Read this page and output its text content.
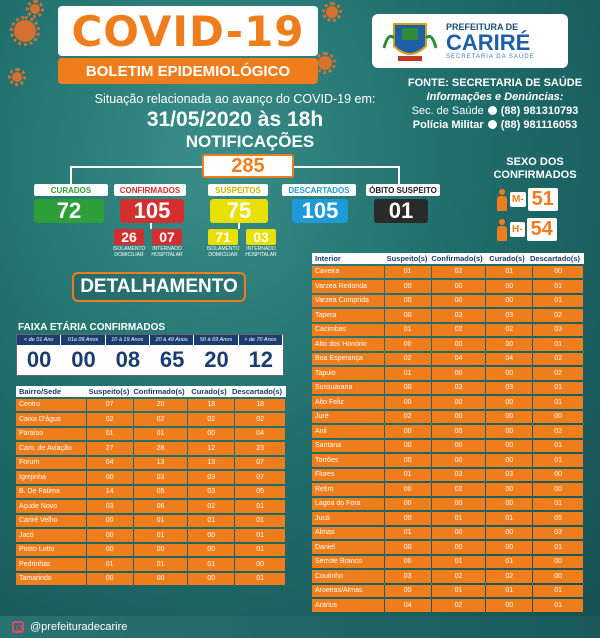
COVID-19
BOLETIM EPIDEMIOLÓGICO
PREFEITURA DE
CARIRÉ
SECRETARIA DA SAÚDE
FONTE: SECRETARIA DE SAÚDE
Informações e Denúncias:
Sec. de Saúde (88) 981310793
Polícia Militar (88) 981116053
Situação relacionada ao avanço do COVID-19 em:
31/05/2020 às 18h
NOTIFICAÇÕES
285
CURADOS
72
CONFIRMADOS
105
SUSPEITOS
75
DESCARTADOS
105
ÓBITO SUSPEITO
01
26
ISOLAMENTO DOMICILIAR
07
INTERNADO HOSPITALAR
71
ISOLAMENTO DOMICILIAR
03
INTERNADO HOSPITALAR
SEXO DOS CONFIRMADOS
M- 51
H- 54
DETALHAMENTO
FAIXA ETÁRIA CONFIRMADOS
< de 01 Ano	01a 09 Anos	10 à 19 Anos	20 à 49 Anos	50 à 69 Anos	> de 70 Anos
00 00 08 65 20 12
Bairro/Sede	Suspeito(s) Confirmado(s) Curado(s) Descartado(s)
Centro	07	20	18	18
Caixa D'água	02	02	02	02
Paraíso	01	01	00	04
Cam. de Aviação	27	28	12	23
Forum	04	13	13	07
Igrejinha	00	03	03	07
B. De Fatima	14	05	03	05
Açude Novo	03	06	02	01
Cariré Velho	00	01	01	01
Jacó	00	01	00	01
Posto Lotto	00	00	00	01
Pedrinhas	01	01	01	00
Tamarindo	00	00	00	01
Interior	Suspeito(s) Confirmado(s) Curado(s) Descartado(s)
Caveira	01	02	01	00
Varzea Redonda	00	00	00	01
Varzea Cumprida	00	00	00	01
Tapera	00	03	03	02
Cacimbas	01	02	02	03
Alto dos Honório	00	00	00	01
Boa Esperança	02	04	04	02
Tapuio	01	00	00	02
Sussuarana	00	03	03	01
Alto Feliz	00	00	00	01
Juré	02	00	00	00
Anil	00	00	00	02
Santana	00	00	00	01
Torrões	00	00	00	01
Flores	01	03	03	00
Retiro	00	02	00	00
Lagoa do Fora	00	00	00	01
Jucá	00	01	01	05
Almas	01	00	00	03
Daniel	00	00	00	01
Serrote Branco	00	01	01	00
Coutinho	03	02	02	00
Aroeiras/Almas	00	01	01	01
Ararius	04	02	00	01
@prefeituradecarire
